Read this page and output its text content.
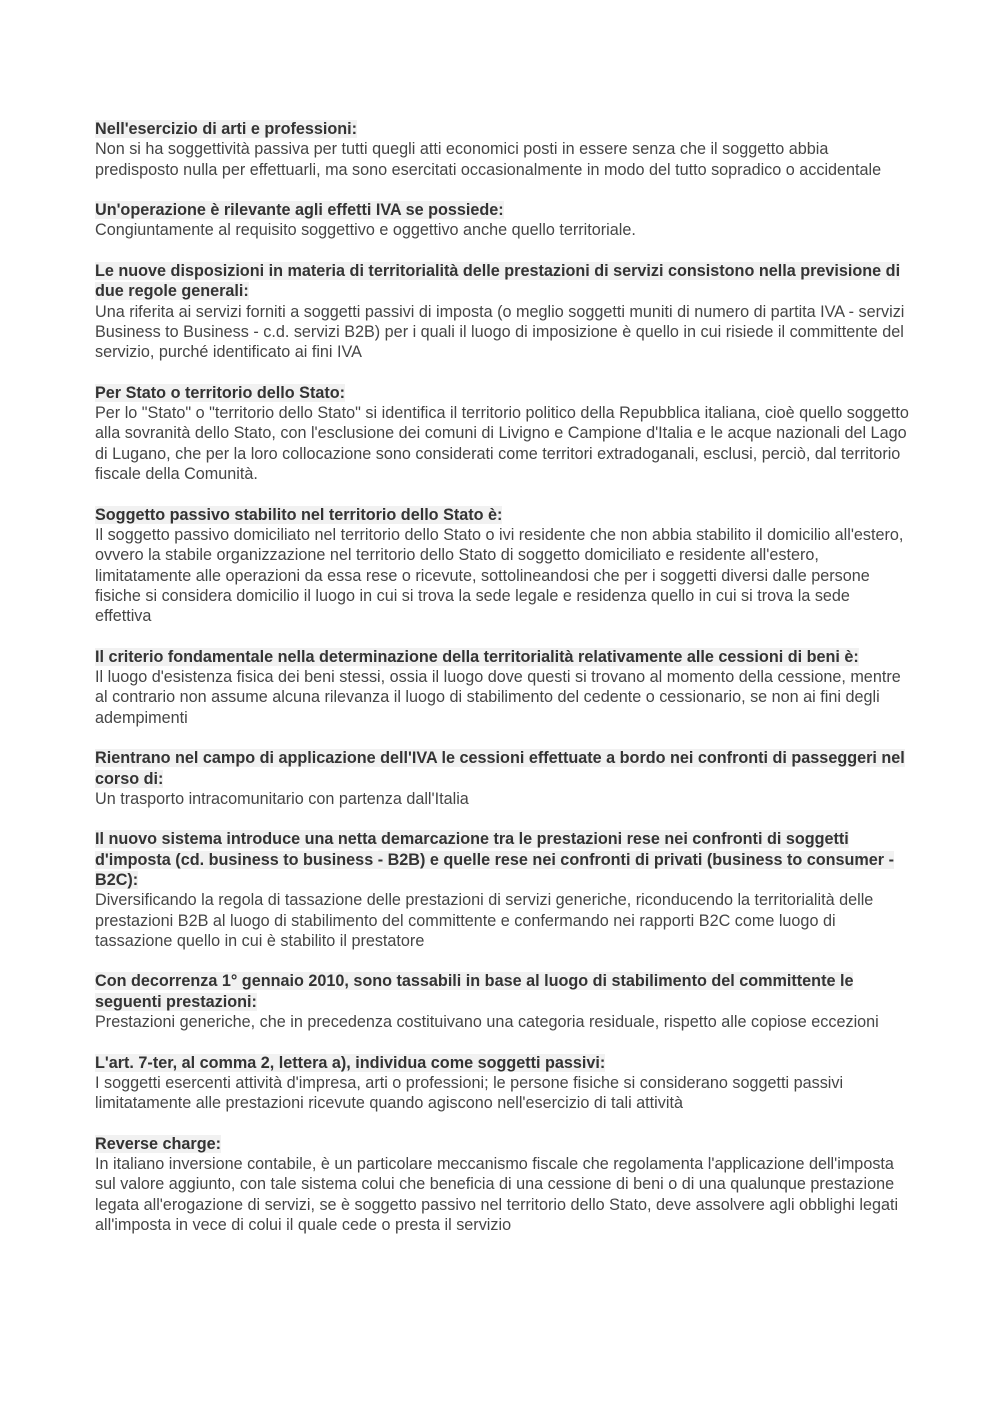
Nell'esercizio di arti e professioni:

Non si ha soggettività passiva per tutti quegli atti economici posti in essere senza che il soggetto abbia predisposto nulla per effettuarli, ma sono esercitati occasionalmente in modo del tutto sopradico o accidentale

Un'operazione è rilevante agli effetti IVA se possiede:

Congiuntamente al requisito soggettivo e oggettivo anche quello territoriale.

Le nuove disposizioni in materia di territorialità delle prestazioni di servizi consistono nella previsione di due regole generali:

Una riferita ai servizi forniti a soggetti passivi di imposta (o meglio soggetti muniti di numero di partita IVA - servizi Business to Business - c.d. servizi B2B) per i quali il luogo di imposizione è quello in cui risiede il committente del servizio, purché identificato ai fini IVA

Per Stato o territorio dello Stato:

Per lo "Stato" o "territorio dello Stato" si identifica il territorio politico della Repubblica italiana, cioè quello soggetto alla sovranità dello Stato, con l'esclusione dei comuni di Livigno e Campione d'Italia e le acque nazionali del Lago di Lugano, che per la loro collocazione sono considerati come territori extradoganali, esclusi, perciò, dal territorio fiscale della Comunità.

Soggetto passivo stabilito nel territorio dello Stato è:

Il soggetto passivo domiciliato nel territorio dello Stato o ivi residente che non abbia stabilito il domicilio all'estero, ovvero la stabile organizzazione nel territorio dello Stato di soggetto domiciliato e residente all'estero, limitatamente alle operazioni da essa rese o ricevute, sottolineandosi che per i soggetti diversi dalle persone fisiche si considera domicilio il luogo in cui si trova la sede legale e residenza quello in cui si trova la sede effettiva

Il criterio fondamentale nella determinazione della territorialità relativamente alle cessioni di beni è:

Il luogo d'esistenza fisica dei beni stessi, ossia il luogo dove questi si trovano al momento della cessione, mentre al contrario non assume alcuna rilevanza il luogo di stabilimento del cedente o cessionario, se non ai fini degli adempimenti

Rientrano nel campo di applicazione dell'IVA le cessioni effettuate a bordo nei confronti di passeggeri nel corso di:

Un trasporto intracomunitario con partenza dall'Italia

Il nuovo sistema introduce una netta demarcazione tra le prestazioni rese nei confronti di soggetti d'imposta (cd. business to business - B2B) e quelle rese nei confronti di privati (business to consumer - B2C):

Diversificando la regola di tassazione delle prestazioni di servizi generiche, riconducendo la territorialità delle prestazioni B2B al luogo di stabilimento del committente e confermando nei rapporti B2C come luogo di tassazione quello in cui è stabilito il prestatore

Con decorrenza 1° gennaio 2010, sono tassabili in base al luogo di stabilimento del committente le seguenti prestazioni:

Prestazioni generiche, che in precedenza costituivano una categoria residuale, rispetto alle copiose eccezioni

L'art. 7-ter, al comma 2, lettera a), individua come soggetti passivi:

I soggetti esercenti attività d'impresa, arti o professioni; le persone fisiche si considerano soggetti passivi limitatamente alle prestazioni ricevute quando agiscono nell'esercizio di tali attività

Reverse charge:

In italiano inversione contabile, è un particolare meccanismo fiscale che regolamenta l'applicazione dell'imposta sul valore aggiunto, con tale sistema colui che beneficia di una cessione di beni o di una qualunque prestazione legata all'erogazione di servizi, se è soggetto passivo nel territorio dello Stato, deve assolvere agli obblighi legati all'imposta in vece di colui il quale cede o presta il servizio
